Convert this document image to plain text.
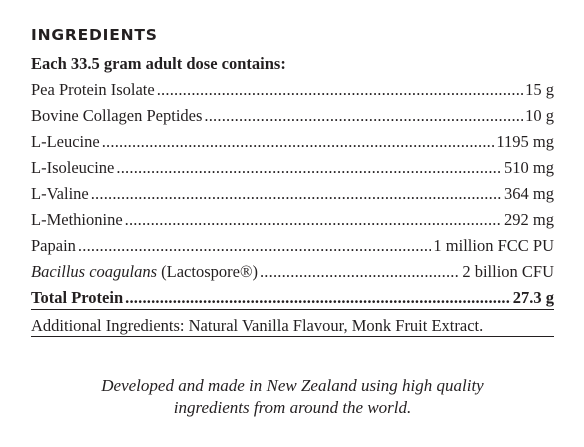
INGREDIENTS
Each 33.5 gram adult dose contains:
Pea Protein Isolate .....	15 g
Bovine Collagen Peptides .....	10 g
L-Leucine .....	1195 mg
L-Isoleucine .....	510 mg
L-Valine .....	364 mg
L-Methionine .....	292 mg
Papain .....	1 million FCC PU
Bacillus coagulans (Lactospore®) .....	2 billion CFU
Total Protein .....	27.3 g
Additional Ingredients: Natural Vanilla Flavour, Monk Fruit Extract.
Developed and made in New Zealand using high quality
ingredients from around the world.
